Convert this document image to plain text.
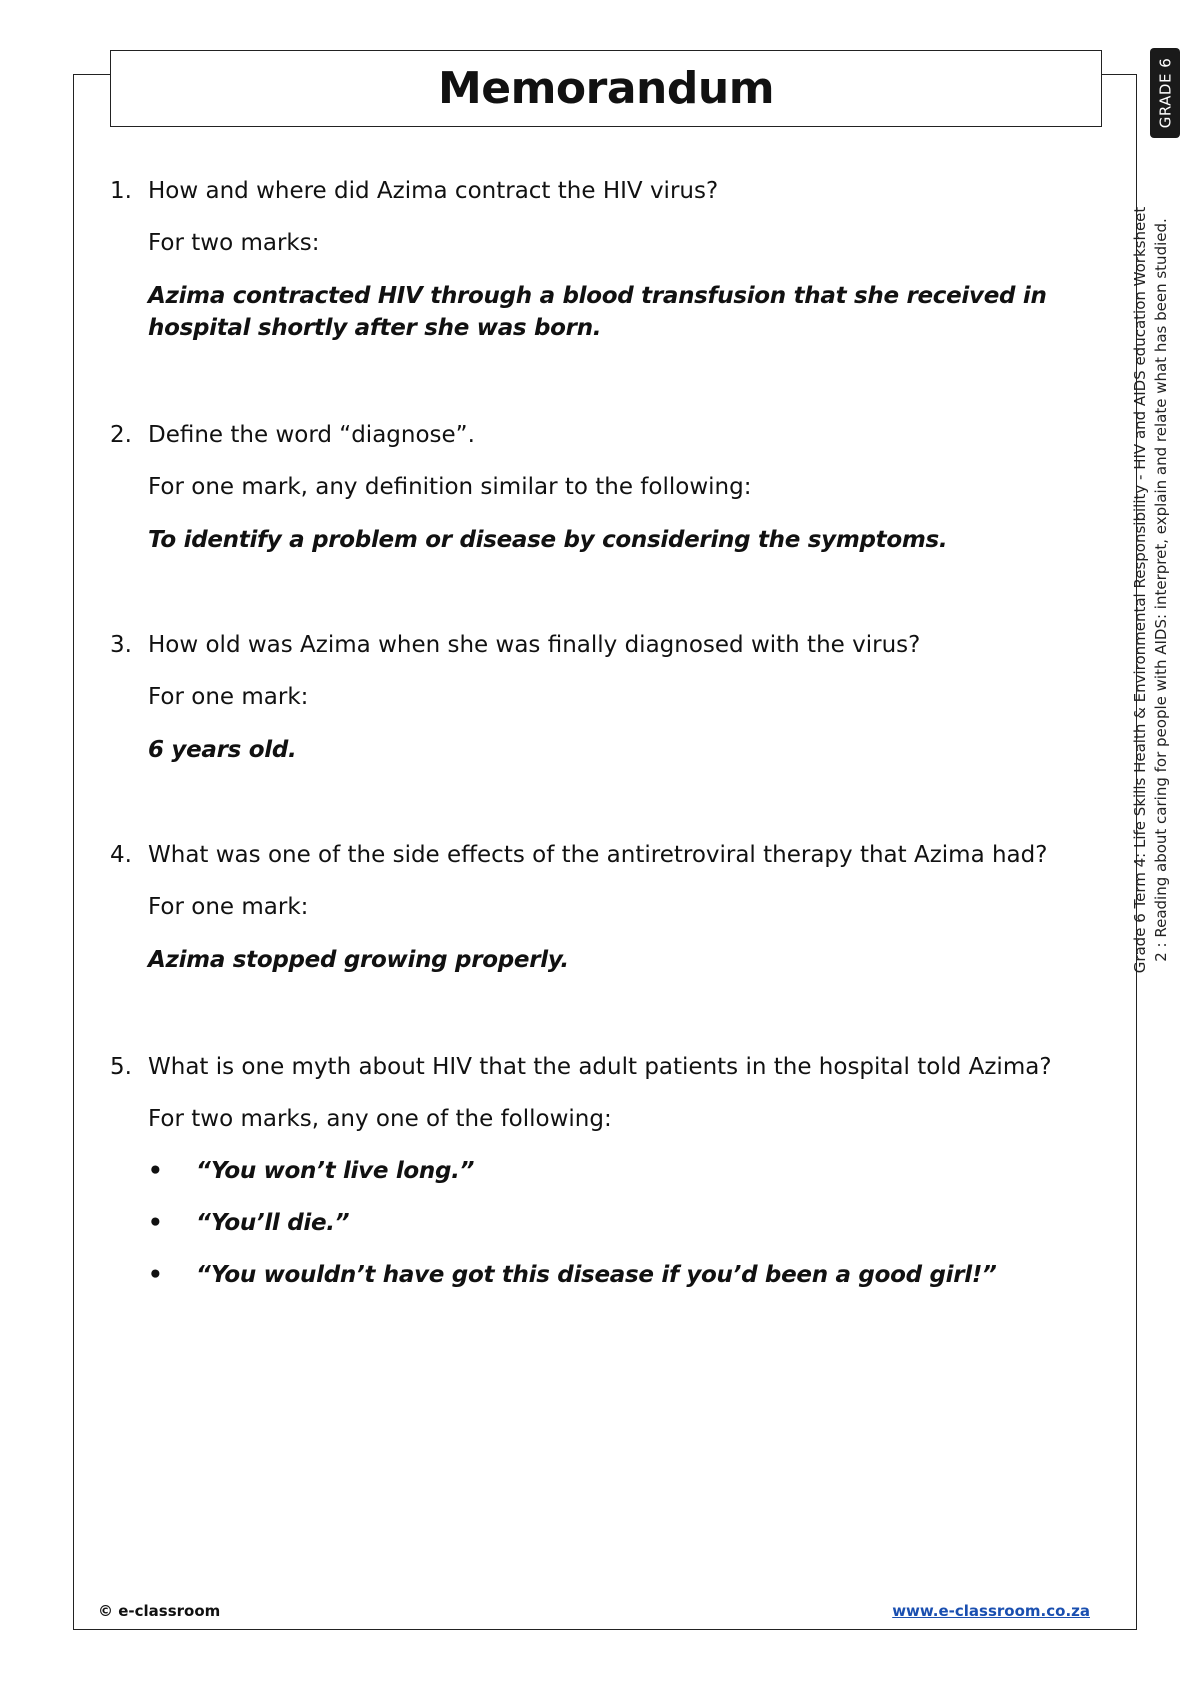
Memorandum
1. How and where did Azima contract the HIV virus?
For two marks:
Azima contracted HIV through a blood transfusion that she received in hospital shortly after she was born.
2. Define the word “diagnose”.
For one mark, any definition similar to the following:
To identify a problem or disease by considering the symptoms.
3. How old was Azima when she was finally diagnosed with the virus?
For one mark:
6 years old.
4. What was one of the side effects of the antiretroviral therapy that Azima had?
For one mark:
Azima stopped growing properly.
5. What is one myth about HIV that the adult patients in the hospital told Azima?
For two marks, any one of the following:
•	“You won’t live long.”
•	“You’ll die.”
•	“You wouldn’t have got this disease if you’d been a good girl!”
© e-classroom	www.e-classroom.co.za
GRADE 6
Grade 6 Term 4: Life Skills Health & Environmental Responsibility - HIV and AIDS education Worksheet 2 : Reading about caring for people with AIDS: interpret, explain and relate what has been studied.
